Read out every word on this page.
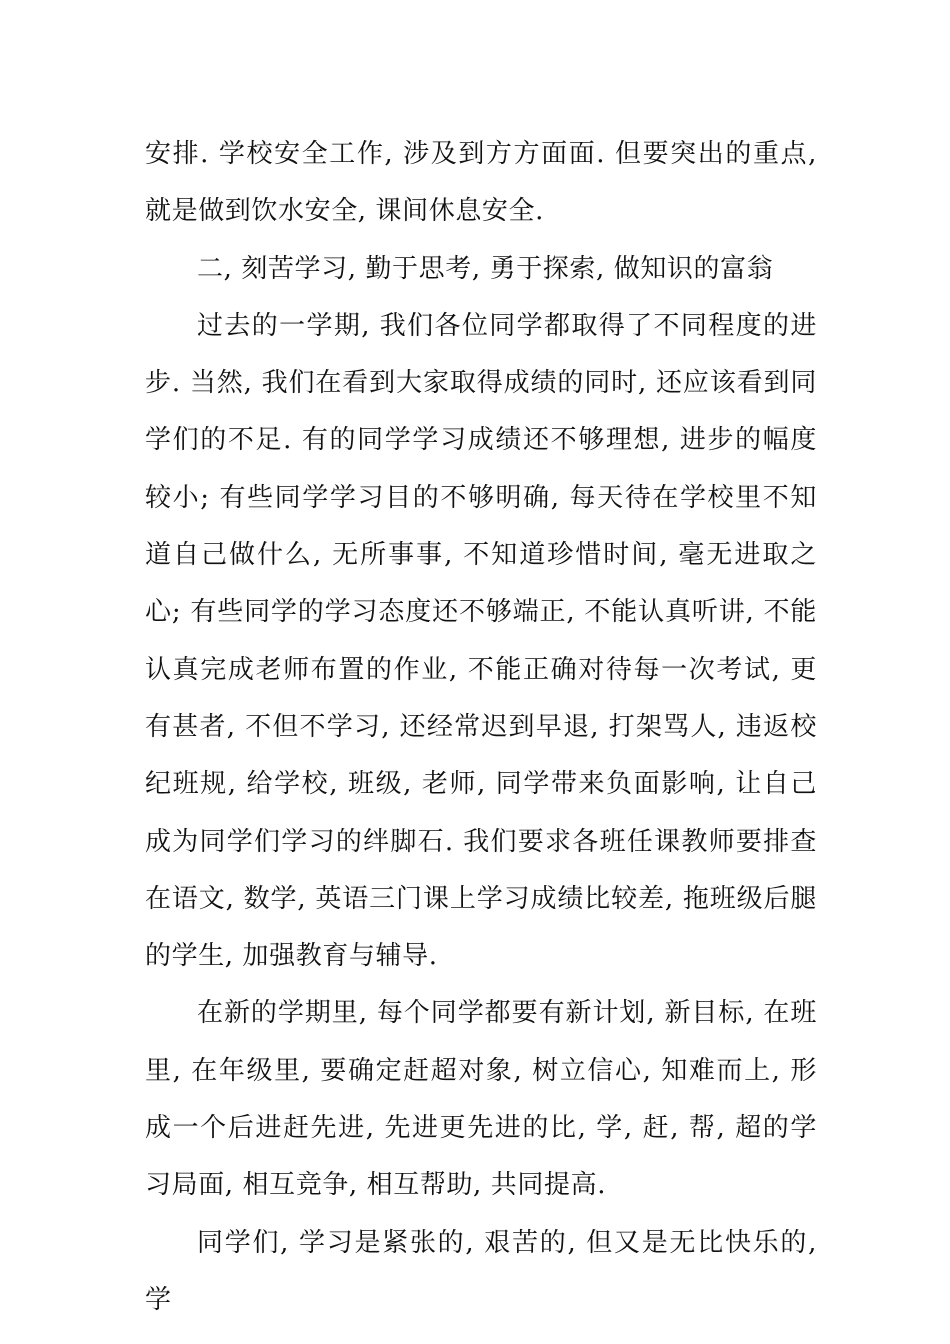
安排. 学校安全工作, 涉及到方方面面. 但要突出的重点, 就是做到饮水安全, 课间休息安全.

二, 刻苦学习, 勤于思考, 勇于探索, 做知识的富翁

过去的一学期, 我们各位同学都取得了不同程度的进步. 当然, 我们在看到大家取得成绩的同时, 还应该看到同学们的不足. 有的同学学习成绩还不够理想, 进步的幅度较小; 有些同学学习目的不够明确, 每天待在学校里不知道自己做什么, 无所事事, 不知道珍惜时间, 毫无进取之心; 有些同学的学习态度还不够端正, 不能认真听讲, 不能认真完成老师布置的作业, 不能正确对待每一次考试, 更有甚者, 不但不学习, 还经常迟到早退, 打架骂人, 违返校纪班规, 给学校, 班级, 老师, 同学带来负面影响, 让自己成为同学们学习的绊脚石. 我们要求各班任课教师要排查在语文, 数学, 英语三门课上学习成绩比较差, 拖班级后腿的学生, 加强教育与辅导.

在新的学期里, 每个同学都要有新计划, 新目标, 在班里, 在年级里, 要确定赶超对象, 树立信心, 知难而上, 形成一个后进赶先进, 先进更先进的比, 学, 赶, 帮, 超的学习局面, 相互竞争, 相互帮助, 共同提高.

同学们, 学习是紧张的, 艰苦的, 但又是无比快乐的, 学
